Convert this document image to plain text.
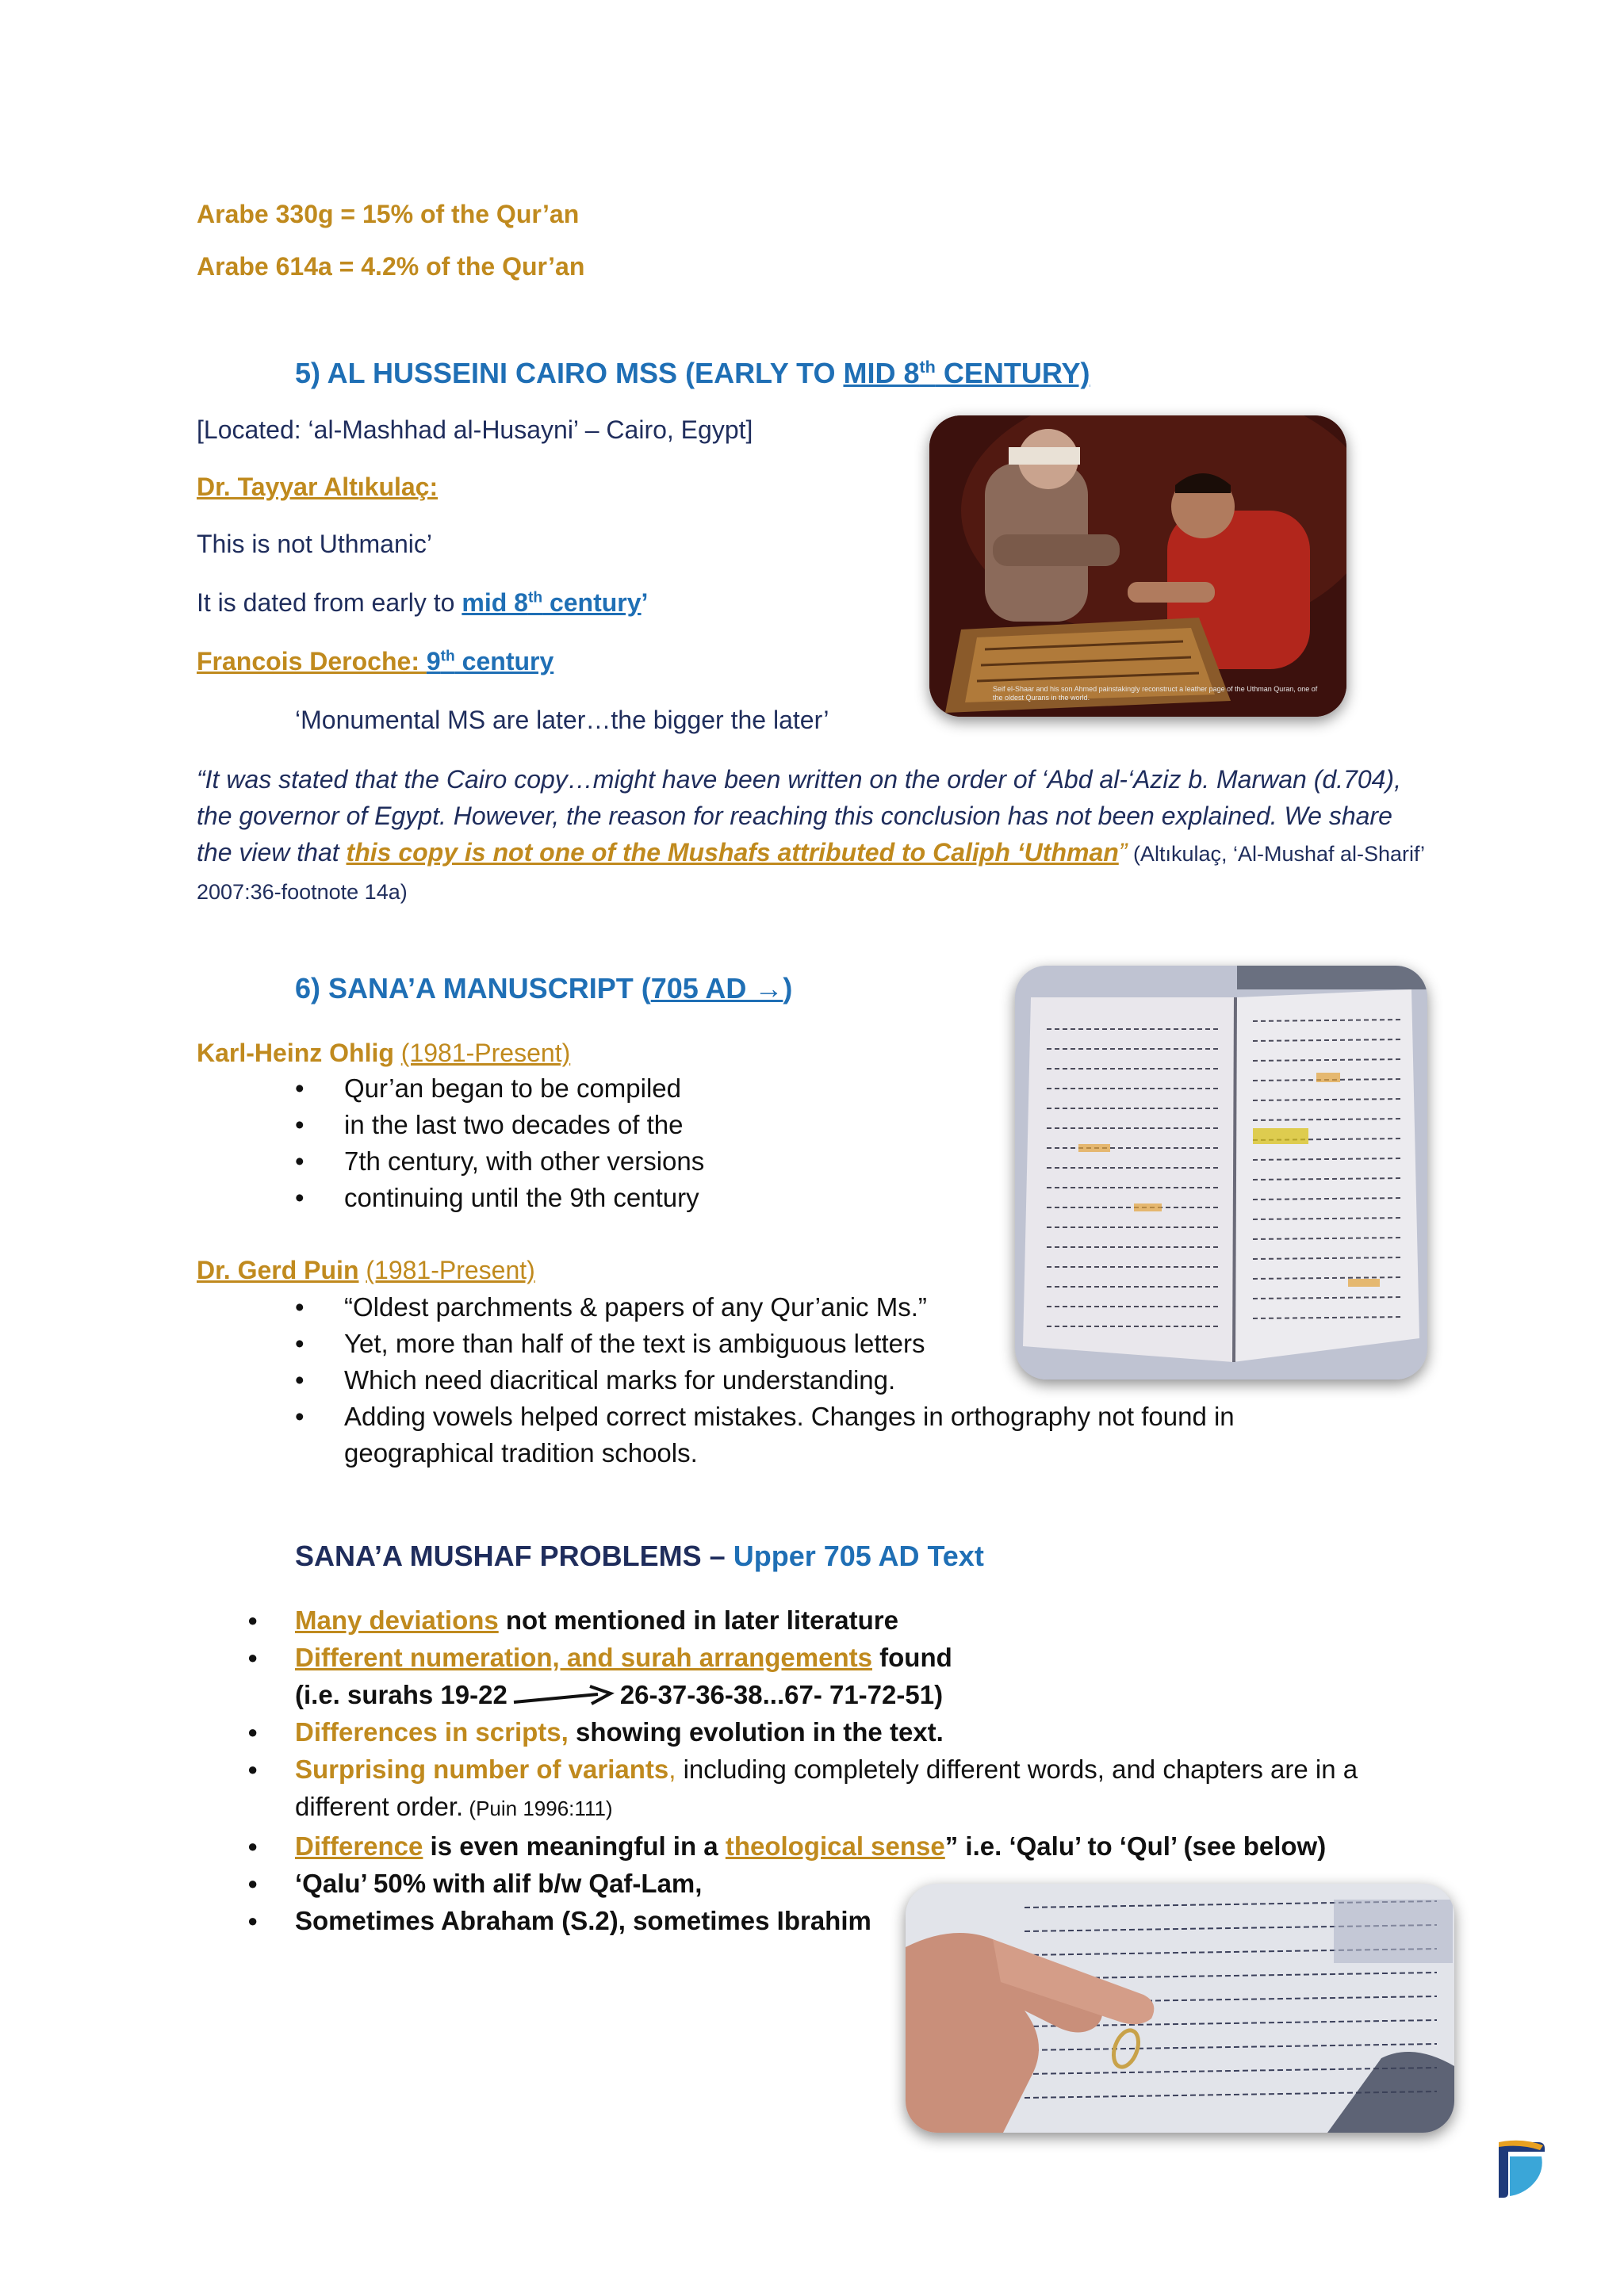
Arabe 330g = 15% of the Qur’an
Arabe 614a = 4.2% of the Qur’an
5) AL HUSSEINI CAIRO MSS (EARLY TO MID 8th CENTURY)
[Located: ‘al-Mashhad al-Husayni’ – Cairo, Egypt]
Dr. Tayyar Altıkulaç:
This is not Uthmanic’
It is dated from early to mid 8th century’
Francois Deroche: 9th century
‘Monumental MS are later…the bigger the later’
“It was stated that the Cairo copy…might have been written on the order of ‘Abd al-‘Aziz b. Marwan (d.704), the governor of Egypt. However, the reason for reaching this conclusion has not been explained. We share the view that this copy is not one of the Mushafs attributed to Caliph ‘Uthman” (Altıkulaç, ‘Al-Mushaf al-Sharif’ 2007:36-footnote 14a)
Seif el-Shaar and his son Ahmed painstakingly reconstruct a leather page of the Uthman Quran, one of the oldest Qurans in the world.
6) SANA’A MANUSCRIPT (705 AD →)
Karl-Heinz Ohlig (1981-Present)
• Qur’an began to be compiled
• in the last two decades of the
• 7th century, with other versions
• continuing until the 9th century
Dr. Gerd Puin (1981-Present)
• “Oldest parchments & papers of any Qur’anic Ms.”
• Yet, more than half of the text is ambiguous letters
• Which need diacritical marks for understanding.
• Adding vowels helped correct mistakes. Changes in orthography not found in geographical tradition schools.
SANA’A MUSHAF PROBLEMS – Upper 705 AD Text
● Many deviations not mentioned in later literature
● Different numeration, and surah arrangements found
(i.e. surahs 19-22	26-37-36-38...67- 71-72-51)
● Differences in scripts, showing evolution in the text.
● Surprising number of variants, including completely different words, and chapters are in a different order. (Puin 1996:111)
● Difference is even meaningful in a theological sense” i.e. ‘Qalu’ to ‘Qul’ (see below)
● ‘Qalu’ 50% with alif b/w Qaf-Lam,
● Sometimes Abraham (S.2), sometimes Ibrahim
